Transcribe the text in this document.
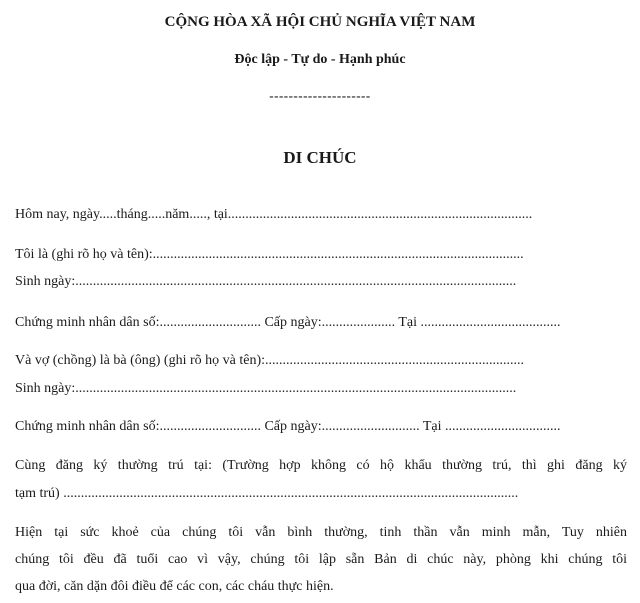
CỘNG HÒA XÃ HỘI CHỦ NGHĨA VIỆT NAM
Độc lập - Tự do - Hạnh phúc
---------------------
DI CHÚC
Hôm nay, ngày.....tháng.....năm....., tại.......................................................................................
Tôi là (ghi rõ họ và tên):..........................................................................................................
Sinh ngày:..............................................................................................................................
Chứng minh nhân dân số:............................. Cấp ngày:..................... Tại ........................................
Và vợ (chồng) là bà (ông) (ghi rõ họ và tên):..........................................................................
Sinh ngày:..............................................................................................................................
Chứng minh nhân dân số:............................. Cấp ngày:............................ Tại .................................
Cùng đăng ký thường trú tại: (Trường hợp không có hộ khẩu thường trú, thì ghi đăng ký
tạm trú) ..................................................................................................................................
Hiện tại sức khoẻ của chúng tôi vẫn bình thường, tinh thần vẫn minh mẫn, Tuy nhiên
chúng tôi đều đã tuổi cao vì vậy, chúng tôi lập sẵn Bản di chúc này, phòng khi chúng tôi
qua đời, căn dặn đôi điều để các con, các cháu thực hiện.
